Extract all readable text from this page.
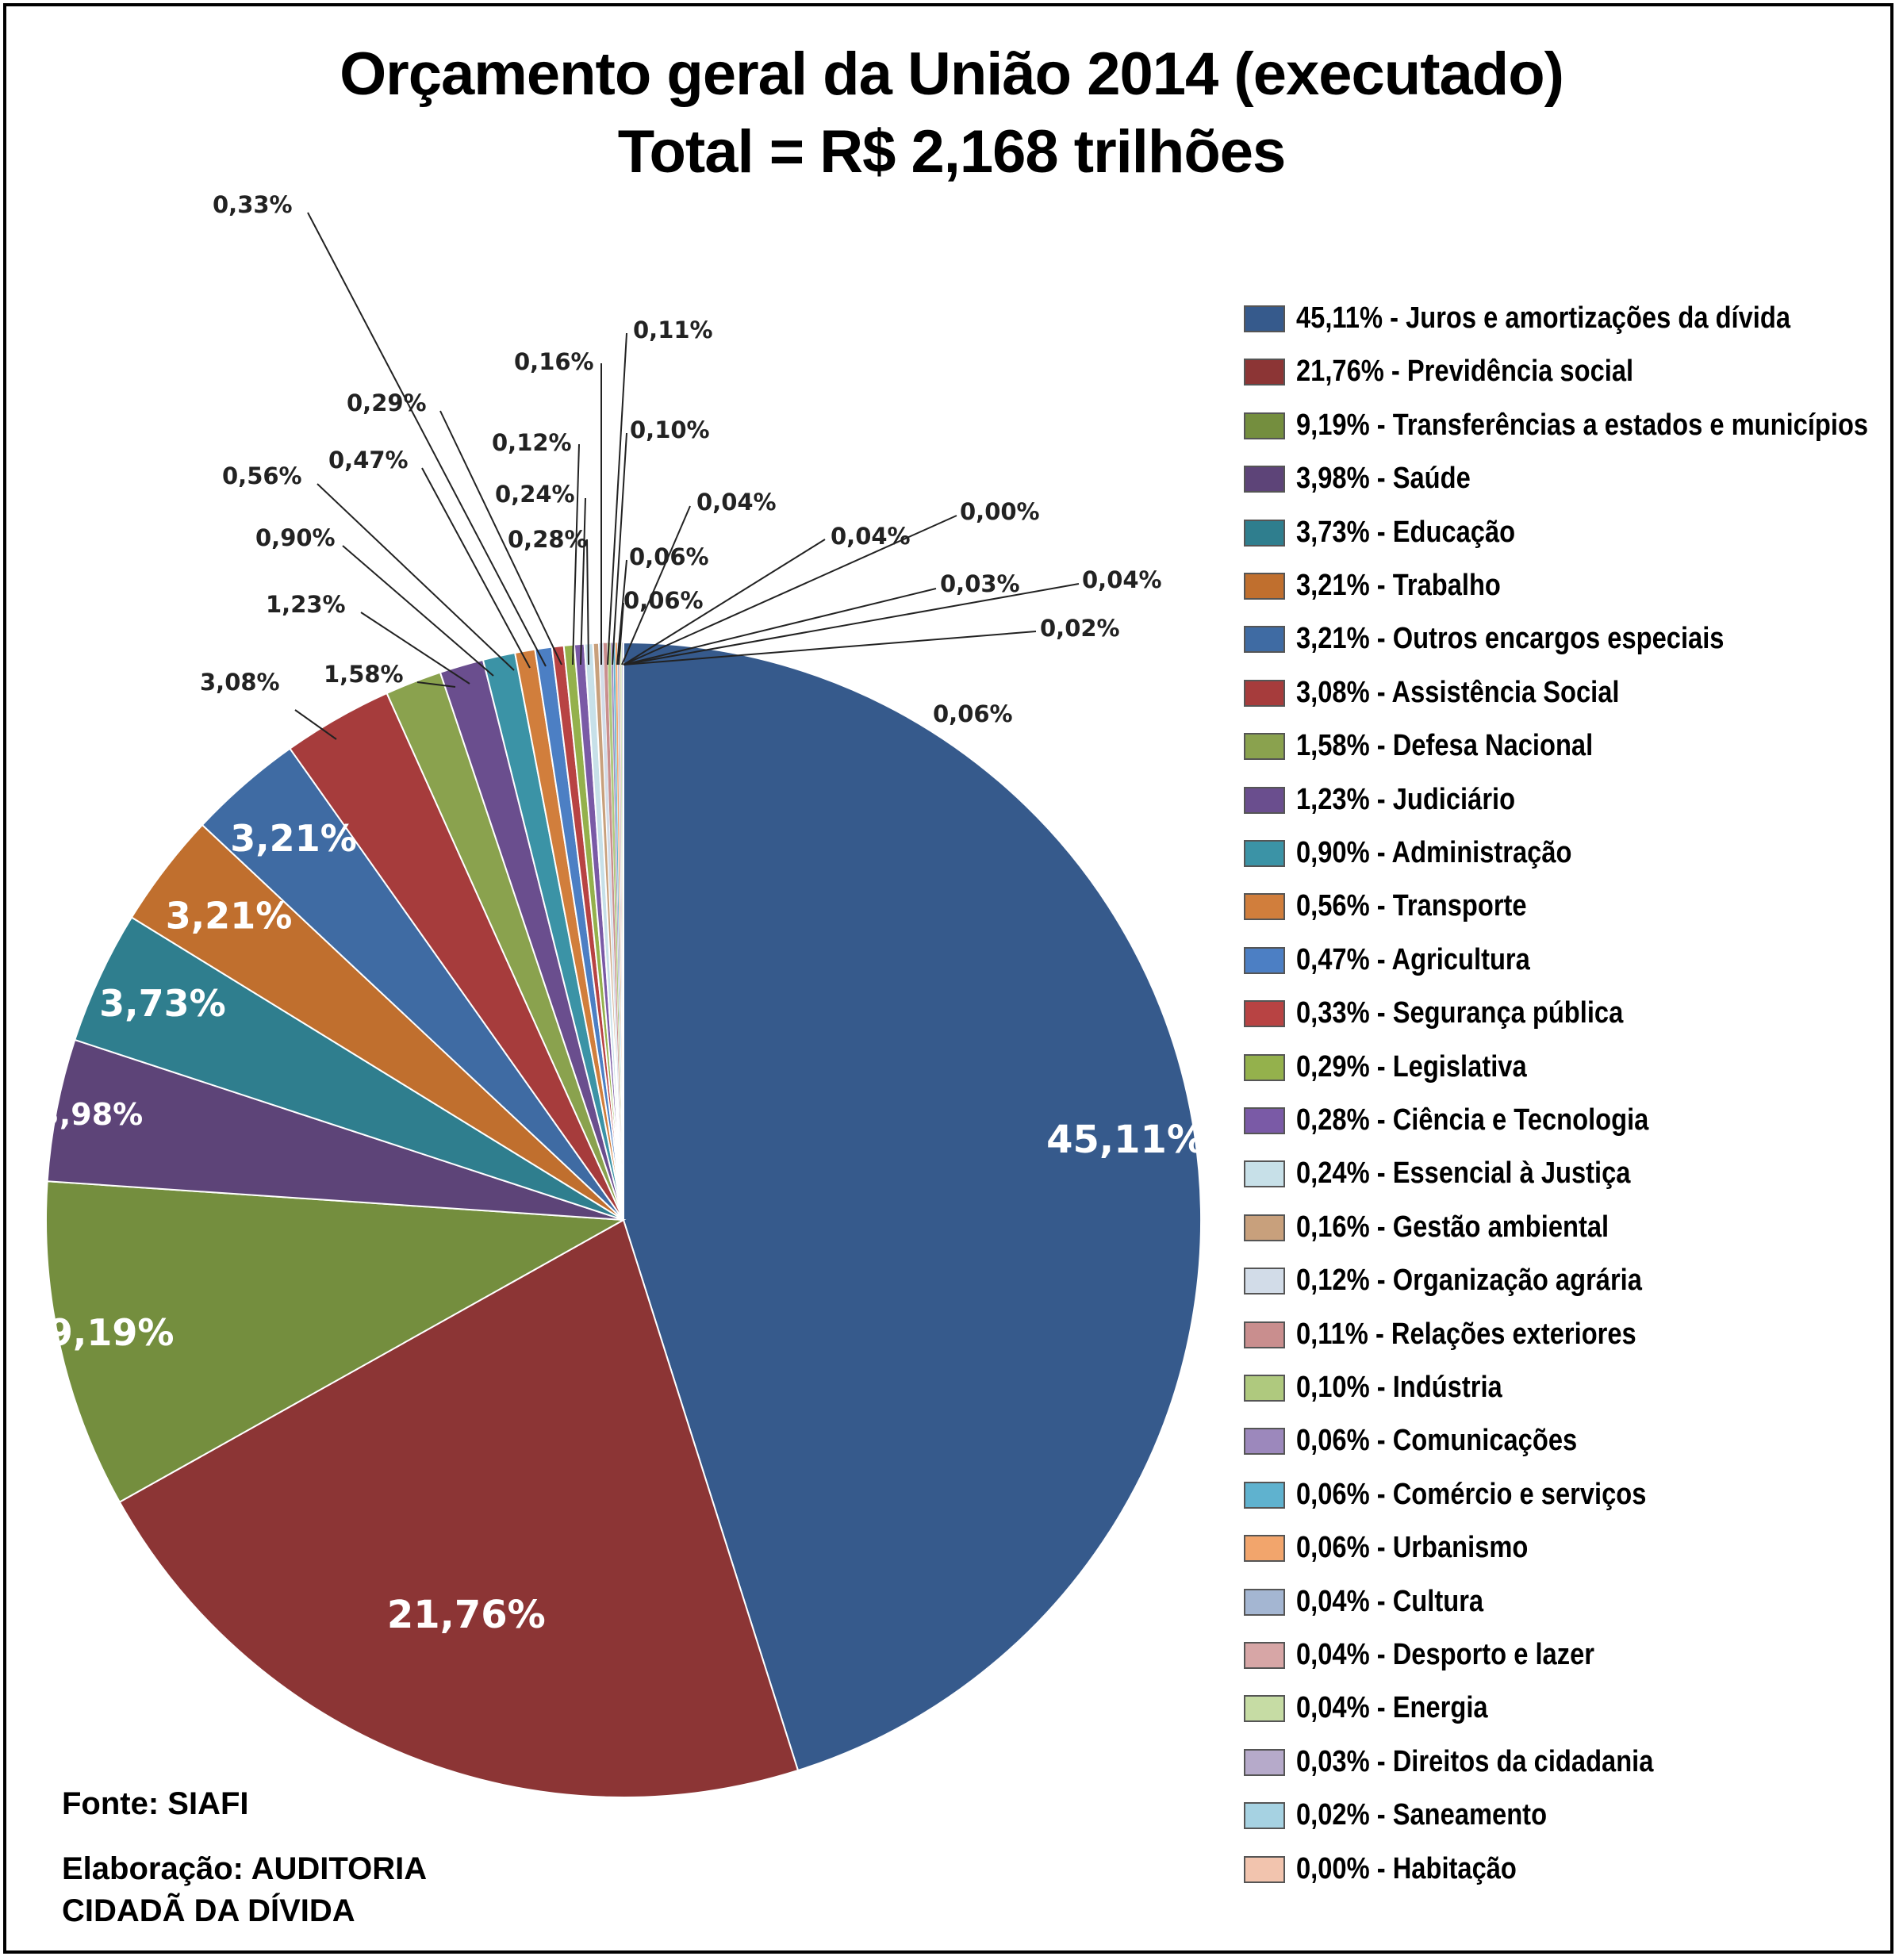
Orçamento geral da União 2014 (executado)
Total = R$ 2,168 trilhões
45,11%
21,76%
9,19%
3,98%
3,73%
3,21%
3,21%
3,08% 1,58%
1,23%
0,90%
0,56%
0,47%
0,33%
0,29%
0,28%
0,24%
0,16%
0,12%
0,11%
0,10%
0,06%
0,06%
0,06%
0,04%
0,04%
0,04%
0,03%
0,02%
0,00%
45,11% - Juros e amortizações da dívida
21,76% - Previdência social
9,19% - Transferências a estados e municípios
3,98% - Saúde
3,73% - Educação
3,21% - Trabalho
3,21% - Outros encargos especiais
3,08% - Assistência Social
1,58% - Defesa Nacional
1,23% - Judiciário
0,90% - Administração
0,56% - Transporte
0,47% - Agricultura
0,33% - Segurança pública
0,29% - Legislativa
0,28% - Ciência e Tecnologia
0,24% - Essencial à Justiça
0,16% - Gestão ambiental
0,12% - Organização agrária
0,11% - Relações exteriores
0,10% - Indústria
0,06% - Comunicações
0,06% - Comércio e serviços
0,06% - Urbanismo
0,04% - Cultura
0,04% - Desporto e lazer
0,04% - Energia
0,03% - Direitos da cidadania
0,02% - Saneamento
0,00% - Habitação
Fonte: SIAFI
Elaboração: AUDITORIA
CIDADÃ DA DÍVIDA
